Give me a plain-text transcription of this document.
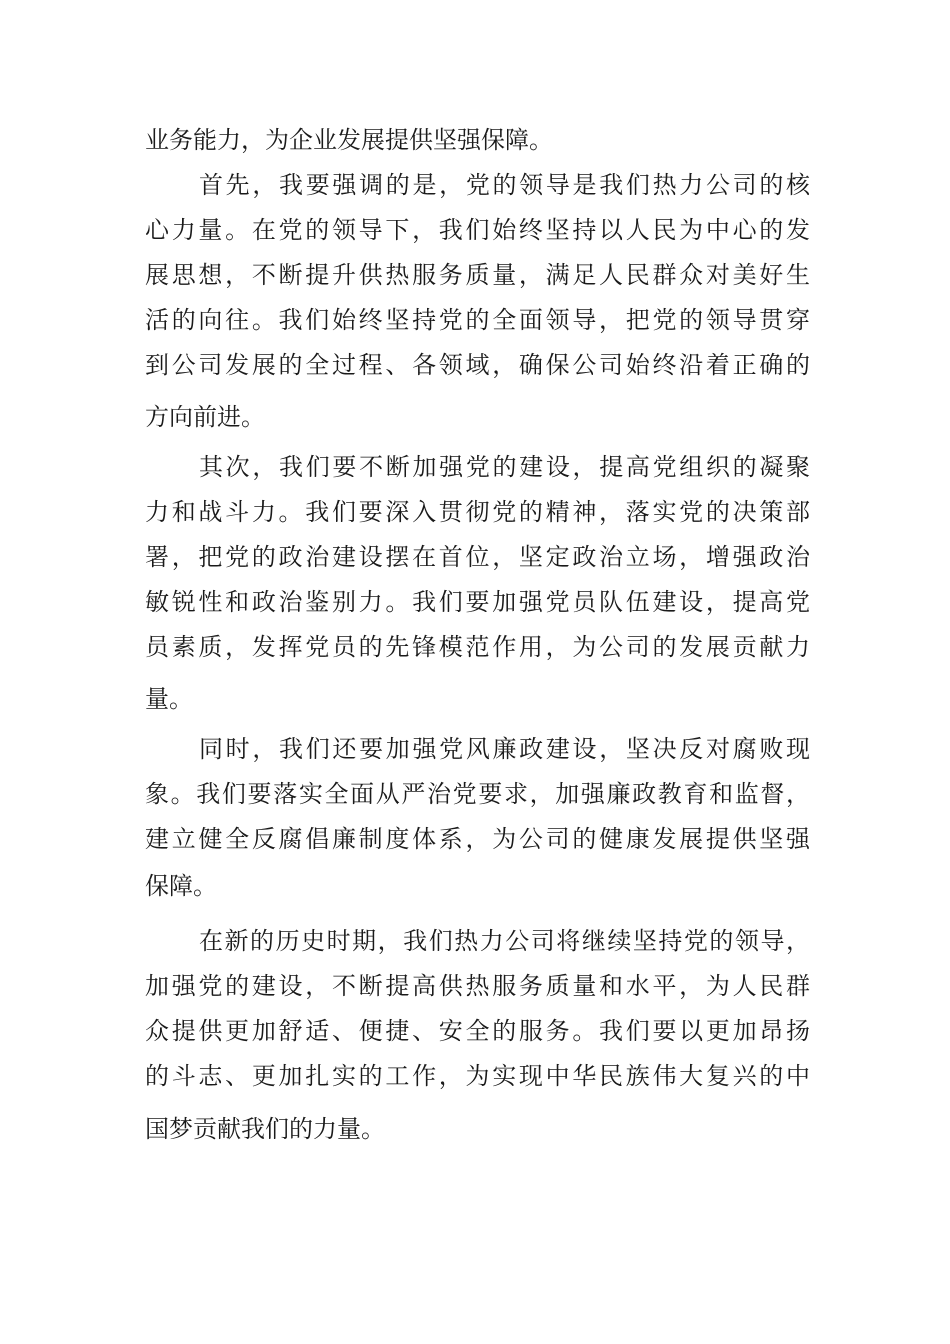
业务能力，为企业发展提供坚强保障。

首先，我要强调的是，党的领导是我们热力公司的核

心力量。在党的领导下，我们始终坚持以人民为中心的发

展思想，不断提升供热服务质量，满足人民群众对美好生

活的向往。我们始终坚持党的全面领导，把党的领导贯穿

到公司发展的全过程、各领域，确保公司始终沿着正确的

方向前进。

其次，我们要不断加强党的建设，提高党组织的凝聚

力和战斗力。我们要深入贯彻党的精神，落实党的决策部

署，把党的政治建设摆在首位，坚定政治立场，增强政治

敏锐性和政治鉴别力。我们要加强党员队伍建设，提高党

员素质，发挥党员的先锋模范作用，为公司的发展贡献力

量。

同时，我们还要加强党风廉政建设，坚决反对腐败现

象。我们要落实全面从严治党要求，加强廉政教育和监督，

建立健全反腐倡廉制度体系，为公司的健康发展提供坚强

保障。

在新的历史时期，我们热力公司将继续坚持党的领导，

加强党的建设，不断提高供热服务质量和水平，为人民群

众提供更加舒适、便捷、安全的服务。我们要以更加昂扬

的斗志、更加扎实的工作，为实现中华民族伟大复兴的中

国梦贡献我们的力量。
